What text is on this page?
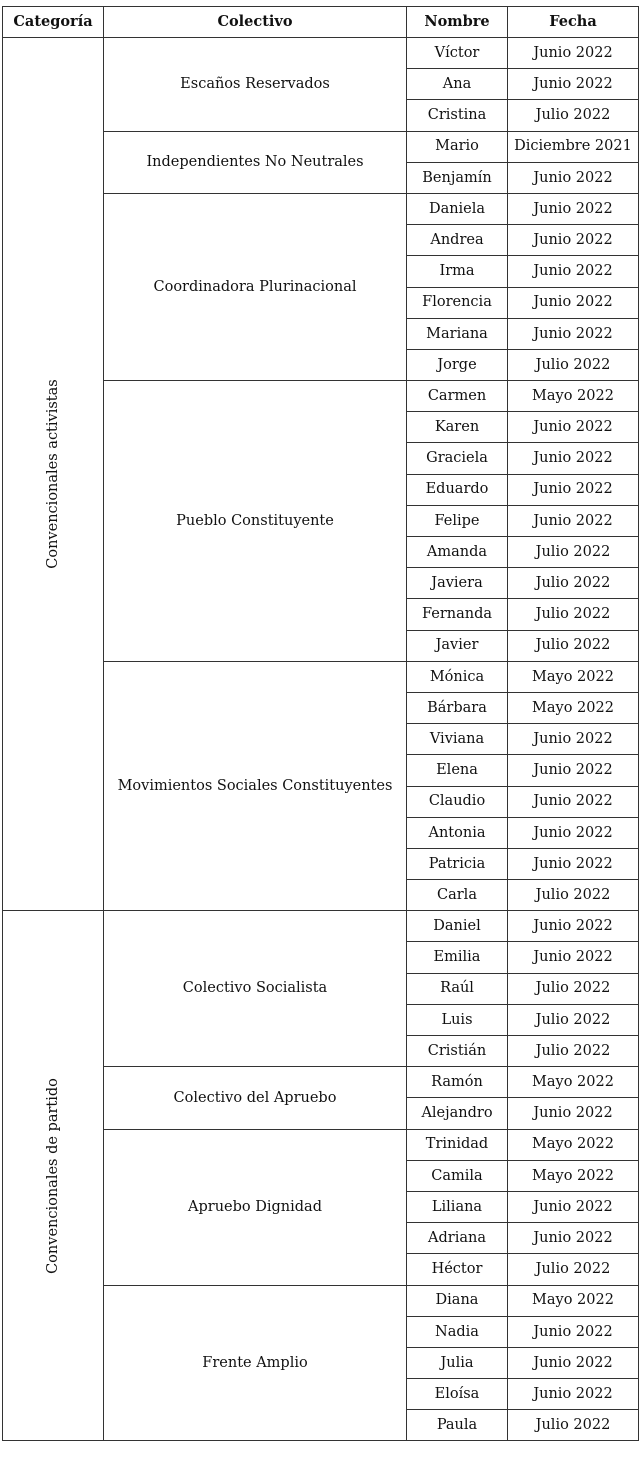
Categoría	Colectivo	Nombre	Fecha

Convencionales activistas	Escaños Reservados	Víctor	Junio 2022
		Ana	Junio 2022
		Cristina	Julio 2022
	Independientes No Neutrales	Mario	Diciembre 2021
		Benjamín	Junio 2022
	Coordinadora Plurinacional	Daniela	Junio 2022
		Andrea	Junio 2022
		Irma	Junio 2022
		Florencia	Junio 2022
		Mariana	Junio 2022
		Jorge	Julio 2022
	Pueblo Constituyente	Carmen	Mayo 2022
		Karen	Junio 2022
		Graciela	Junio 2022
		Eduardo	Junio 2022
		Felipe	Junio 2022
		Amanda	Julio 2022
		Javiera	Julio 2022
		Fernanda	Julio 2022
		Javier	Julio 2022
	Movimientos Sociales Constituyentes	Mónica	Mayo 2022
		Bárbara	Mayo 2022
		Viviana	Junio 2022
		Elena	Junio 2022
		Claudio	Junio 2022
		Antonia	Junio 2022
		Patricia	Junio 2022
		Carla	Julio 2022

Convencionales de partido	Colectivo Socialista	Daniel	Junio 2022
		Emilia	Junio 2022
		Raúl	Julio 2022
		Luis	Julio 2022
		Cristián	Julio 2022
	Colectivo del Apruebo	Ramón	Mayo 2022
		Alejandro	Junio 2022
	Apruebo Dignidad	Trinidad	Mayo 2022
		Camila	Mayo 2022
		Liliana	Junio 2022
		Adriana	Junio 2022
		Héctor	Julio 2022
	Frente Amplio	Diana	Mayo 2022
		Nadia	Junio 2022
		Julia	Junio 2022
		Eloísa	Junio 2022
		Paula	Julio 2022
